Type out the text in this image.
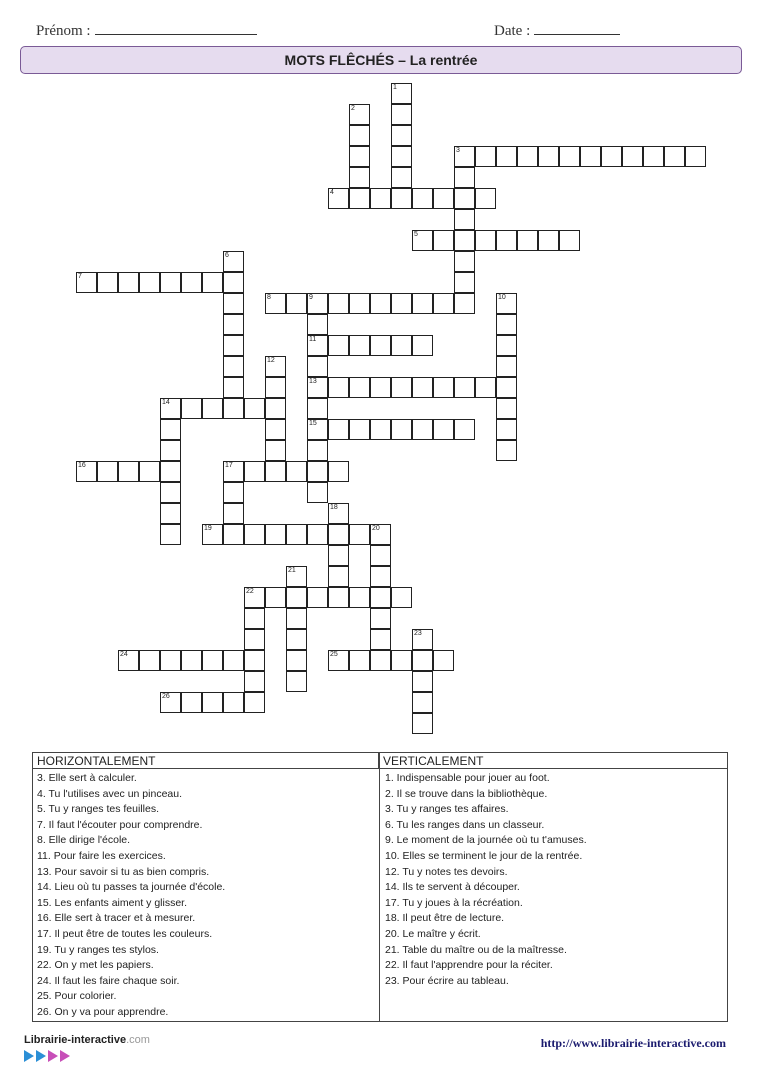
Prénom :	Date :
MOTS FLÊCHÉS – La rentrée
1
2
3
4
5
6
7
8	9
11
13
15
10
12
14
16	17
18
19	20
21
22
23
24	25
26
HORIZONTALEMENT	VERTICALEMENT
3. Elle sert à calculer.
4. Tu l'utilises avec un pinceau.
5. Tu y ranges tes feuilles.
7. Il faut l'écouter pour comprendre.
8. Elle dirige l'école.
11. Pour faire les exercices.
13. Pour savoir si tu as bien compris.
14. Lieu où tu passes ta journée d'école.
15. Les enfants aiment y glisser.
16. Elle sert à tracer et à mesurer.
17. Il peut être de toutes les couleurs.
19. Tu y ranges tes stylos.
22. On y met les papiers.
24. Il faut les faire chaque soir.
25. Pour colorier.
26. On y va pour apprendre.
1. Indispensable pour jouer au foot.
2. Il se trouve dans la bibliothèque.
3. Tu y ranges tes affaires.
6. Tu les ranges dans un classeur.
9. Le moment de la journée où tu t'amuses.
10. Elles se terminent le jour de la rentrée.
12. Tu y notes tes devoirs.
14. Ils te servent à découper.
17. Tu y joues à la récréation.
18. Il peut être de lecture.
20. Le maître y écrit.
21. Table du maître ou de la maîtresse.
22. Il faut l'apprendre pour la réciter.
23. Pour écrire au tableau.
Librairie-interactive.com	http://www.librairie-interactive.com
